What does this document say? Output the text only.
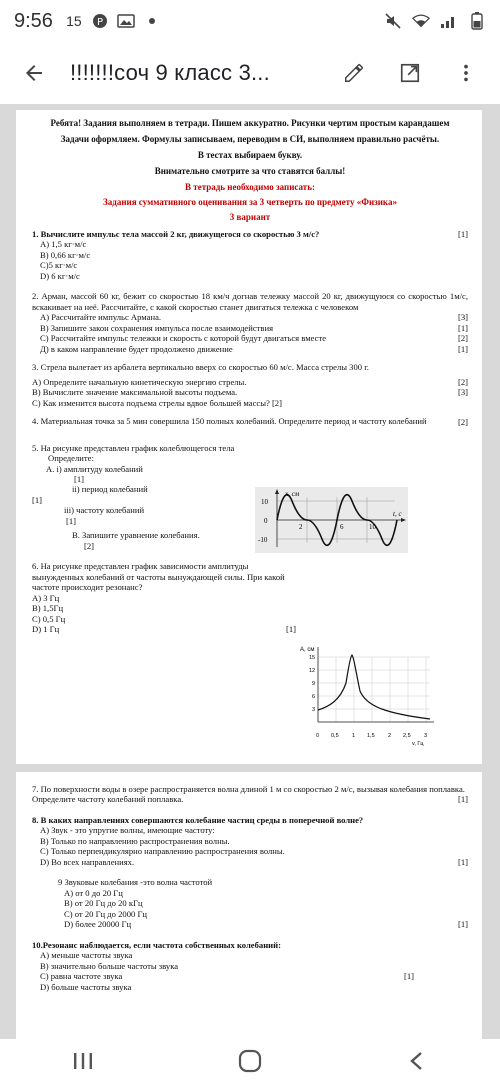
9:56 15 P
!!!!!!!соч 9 класс 3...
Ребята! Задания выполняем в тетради. Пишем аккуратно. Рисунки чертим простым карандашем
Задачи оформляем. Формулы записываем, переводим в СИ, выполняем правильно расчёты.
В тестах выбираем букву.
Внимательно смотрите за что ставятся баллы!
В тетрадь необходимо записать:
Задания суммативного оценивания за 3 четверть по предмету «Физика»
3 вариант
1. Вычислите импульс тела массой 2 кг, движущегося со скоростью 3 м/с?	[1]
A) 1,5 кг·м/с
B) 0,66 кг·м/с
C)5 кг·м/с
D) 6 кг·м/с
2. Арман, массой 60 кг, бежит со скоростью 18 км/ч догнав тележку массой 20 кг, движущуюся со скоростью 1м/с, вскакивает на неё. Рассчитайте, с какой скоростью станет двигаться тележка с человеком
А) Рассчитайте импульс Армана.	[3]
В) Запишите закон сохранения импульса после взаимодействия	[1]
С) Рассчитайте импульс тележки и скорость с которой будут двигаться вместе	[2]
Д) в каком направление будет продолжено движение	[1]
3. Стрела вылетает из арбалета вертикально вверх со скоростью 60 м/с. Масса стрелы 300 г.
A) Определите начальную кинетическую энергию стрелы.	[2]
B) Вычислите значение максимальной высоты подъема.	[3]
C) Как изменится высота подъема стрелы вдвое большей массы? [2]
4. Материальная точка за 5 мин совершила 150 полных колебаний. Определите период и частоту колебаний	[2]
5. На рисунке представлен график колеблющегося тела
Определите:
A. i) амплитуду колебаний
[1]
ii) период колебаний
[1]
iii) частоту колебаний
[1]
B. Запишите уравнение колебания.
[2]
6. На рисунке представлен график зависимости амплитуды вынужденных колебаний от частоты вынуждающей силы. При какой частоте происходит резонанс?
A) 3 Гц
B) 1,5Гц
C) 0,5 Гц
D) 1 Гц	[1]
x, см
t, с
10
0
-10
2	6	10
A, см
15
12
9
6
3
0 0,5 1 1,5 2 2,5 3
v, Гц
7. По поверхности воды в озере распространяется волна длиной 1 м со скоростью 2 м/с, вызывая колебания поплавка. Определите частоту колебаний поплавка.	[1]
8. В каких направлениях совершаются колебание частиц среды в поперечной волне?
A) Звук - это упругие волны, имеющие частоту:
B) Только по направлению распространения волны.
C) Только перпендикулярно направлению распространения волны.
D) Во всех направлениях.	[1]
9 Звуковые колебания -это волна частотой
A) от 0 до 20 Гц
B) от 20 Гц до 20 кГц
C) от 20 Гц до 2000 Гц
D) более 20000 Гц	[1]
10.Резонанс наблюдается, если частота собственных колебаний:
A) меньше частоты звука
B) значительно больше частоты звука
C) равна частоте звука	[1]
D) больше частоты звука
